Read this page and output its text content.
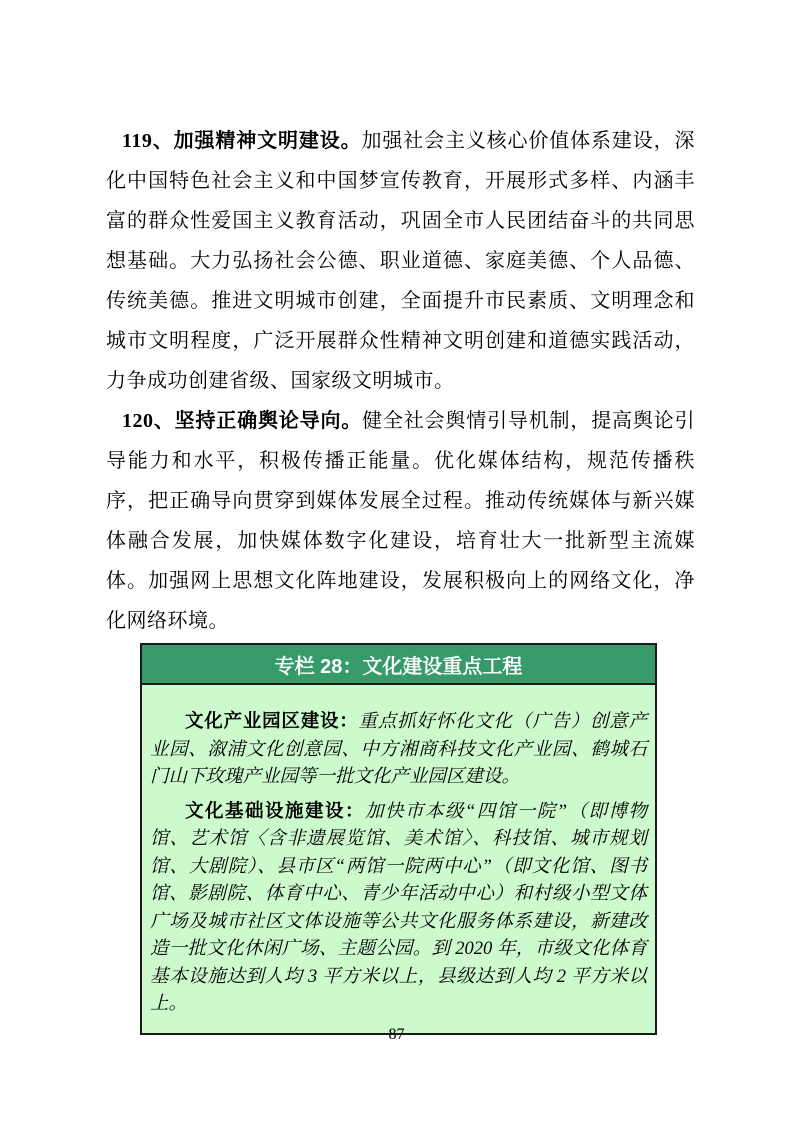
119、加强精神文明建设。加强社会主义核心价值体系建设，深化中国特色社会主义和中国梦宣传教育，开展形式多样、内涵丰富的群众性爱国主义教育活动，巩固全市人民团结奋斗的共同思想基础。大力弘扬社会公德、职业道德、家庭美德、个人品德、传统美德。推进文明城市创建，全面提升市民素质、文明理念和城市文明程度，广泛开展群众性精神文明创建和道德实践活动，力争成功创建省级、国家级文明城市。

120、坚持正确舆论导向。健全社会舆情引导机制，提高舆论引导能力和水平，积极传播正能量。优化媒体结构，规范传播秩序，把正确导向贯穿到媒体发展全过程。推动传统媒体与新兴媒体融合发展，加快媒体数字化建设，培育壮大一批新型主流媒体。加强网上思想文化阵地建设，发展积极向上的网络文化，净化网络环境。

专栏 28：文化建设重点工程

文化产业园区建设：重点抓好怀化文化（广告）创意产业园、溆浦文化创意园、中方湘商科技文化产业园、鹤城石门山下玫瑰产业园等一批文化产业园区建设。

文化基础设施建设：加快市本级“四馆一院”（即博物馆、艺术馆〈含非遗展览馆、美术馆〉、科技馆、城市规划馆、大剧院）、县市区“两馆一院两中心”（即文化馆、图书馆、影剧院、体育中心、青少年活动中心）和村级小型文体广场及城市社区文体设施等公共文化服务体系建设，新建改造一批文化休闲广场、主题公园。到 2020 年，市级文化体育基本设施达到人均 3 平方米以上，县级达到人均 2 平方米以上。

87
